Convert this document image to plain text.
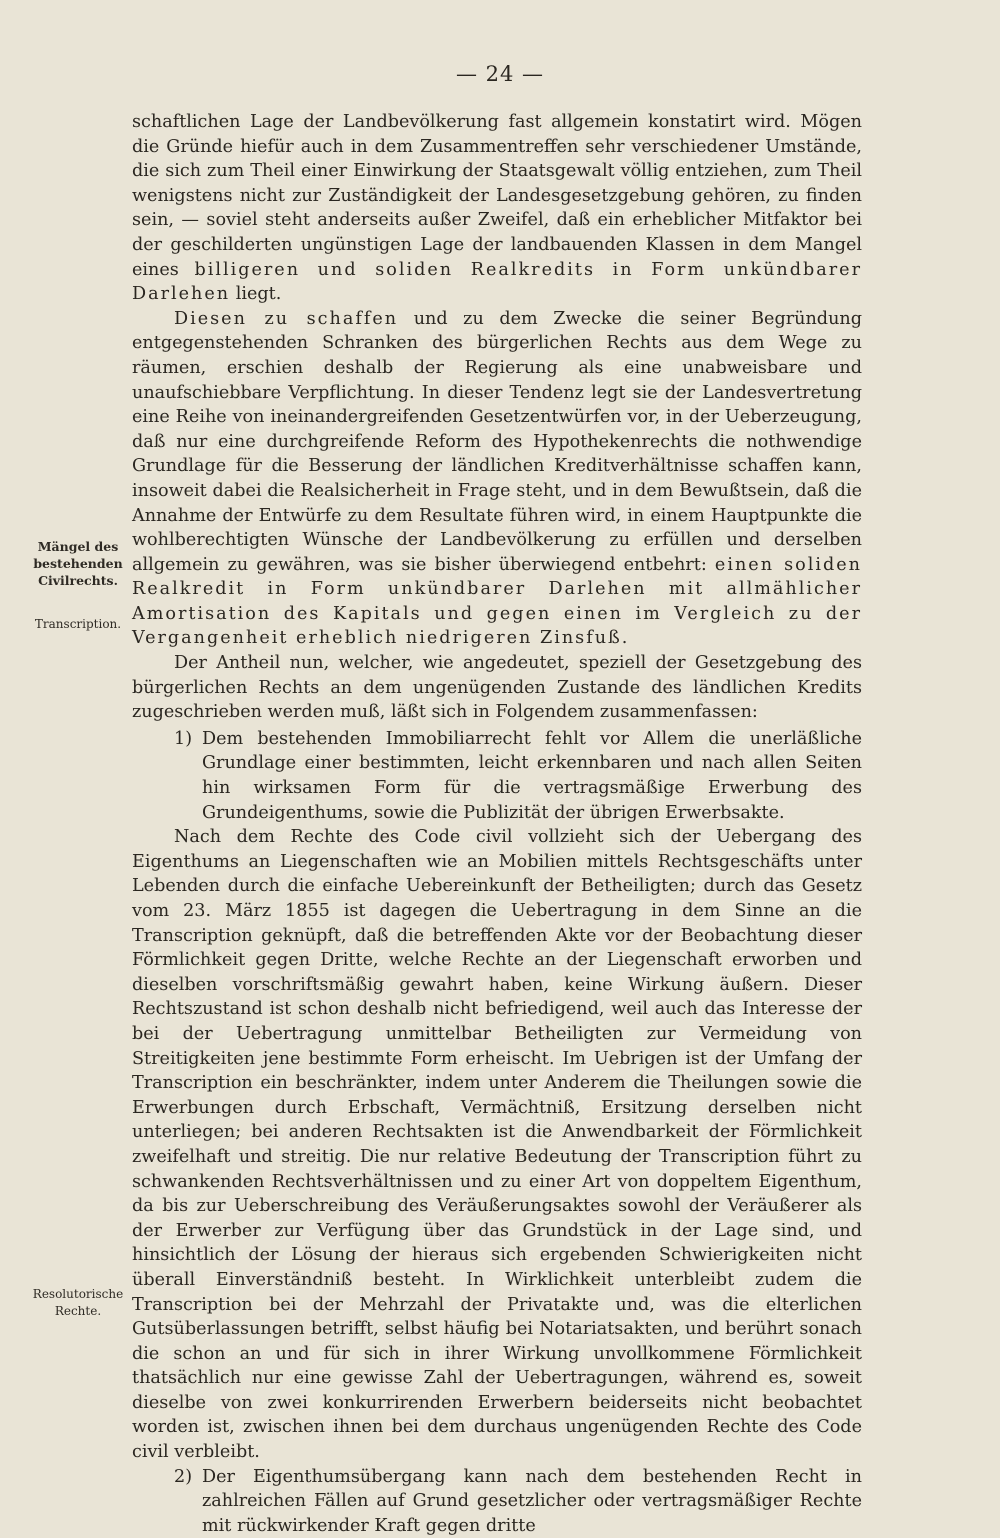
— 24 —
Mängel des bestehenden Civilrechts.
Transcription.
Resolutorische Rechte.

schaftlichen Lage der Landbevölkerung fast allgemein konstatirt wird. Mögen die Gründe hiefür auch in dem Zusammentreffen sehr verschiedener Umstände, die sich zum Theil einer Einwirkung der Staatsgewalt völlig entziehen, zum Theil wenigstens nicht zur Zuständigkeit der Landesgesetzgebung gehören, zu finden sein, — soviel steht anderseits außer Zweifel, daß ein erheblicher Mitfaktor bei der geschilderten ungünstigen Lage der landbauenden Klassen in dem Mangel eines billigeren und soliden Realkredits in Form unkündbarer Darlehen liegt.

Diesen zu schaffen und zu dem Zwecke die seiner Begründung entgegenstehenden Schranken des bürgerlichen Rechts aus dem Wege zu räumen, erschien deshalb der Regierung als eine unabweisbare und unaufschiebbare Verpflichtung. In dieser Tendenz legt sie der Landesvertretung eine Reihe von ineinandergreifenden Gesetzentwürfen vor, in der Ueberzeugung, daß nur eine durchgreifende Reform des Hypothekenrechts die nothwendige Grundlage für die Besserung der ländlichen Kreditverhältnisse schaffen kann, insoweit dabei die Realsicherheit in Frage steht, und in dem Bewußtsein, daß die Annahme der Entwürfe zu dem Resultate führen wird, in einem Hauptpunkte die wohlberechtigten Wünsche der Landbevölkerung zu erfüllen und derselben allgemein zu gewähren, was sie bisher überwiegend entbehrt: einen soliden Realkredit in Form unkündbarer Darlehen mit allmählicher Amortisation des Kapitals und gegen einen im Vergleich zu der Vergangenheit erheblich niedrigeren Zinsfuß.

Der Antheil nun, welcher, wie angedeutet, speziell der Gesetzgebung des bürgerlichen Rechts an dem ungenügenden Zustande des ländlichen Kredits zugeschrieben werden muß, läßt sich in Folgendem zusammenfassen:

1) Dem bestehenden Immobiliarrecht fehlt vor Allem die unerläßliche Grundlage einer bestimmten, leicht erkennbaren und nach allen Seiten hin wirksamen Form für die vertragsmäßige Erwerbung des Grundeigenthums, sowie die Publizität der übrigen Erwerbsakte.

Nach dem Rechte des Code civil vollzieht sich der Uebergang des Eigenthums an Liegenschaften wie an Mobilien mittels Rechtsgeschäfts unter Lebenden durch die einfache Uebereinkunft der Betheiligten; durch das Gesetz vom 23. März 1855 ist dagegen die Uebertragung in dem Sinne an die Transcription geknüpft, daß die betreffenden Akte vor der Beobachtung dieser Förmlichkeit gegen Dritte, welche Rechte an der Liegenschaft erworben und dieselben vorschriftsmäßig gewahrt haben, keine Wirkung äußern. Dieser Rechtszustand ist schon deshalb nicht befriedigend, weil auch das Interesse der bei der Uebertragung unmittelbar Betheiligten zur Vermeidung von Streitigkeiten jene bestimmte Form erheischt. Im Uebrigen ist der Umfang der Transcription ein beschränkter, indem unter Anderem die Theilungen sowie die Erwerbungen durch Erbschaft, Vermächtniß, Ersitzung derselben nicht unterliegen; bei anderen Rechtsakten ist die Anwendbarkeit der Förmlichkeit zweifelhaft und streitig. Die nur relative Bedeutung der Transcription führt zu schwankenden Rechtsverhältnissen und zu einer Art von doppeltem Eigenthum, da bis zur Ueberschreibung des Veräußerungsaktes sowohl der Veräußerer als der Erwerber zur Verfügung über das Grundstück in der Lage sind, und hinsichtlich der Lösung der hieraus sich ergebenden Schwierigkeiten nicht überall Einverständniß besteht. In Wirklichkeit unterbleibt zudem die Transcription bei der Mehrzahl der Privatakte und, was die elterlichen Gutsüberlassungen betrifft, selbst häufig bei Notariatsakten, und berührt sonach die schon an und für sich in ihrer Wirkung unvollkommene Förmlichkeit thatsächlich nur eine gewisse Zahl der Uebertragungen, während es, soweit dieselbe von zwei konkurrirenden Erwerbern beiderseits nicht beobachtet worden ist, zwischen ihnen bei dem durchaus ungenügenden Rechte des Code civil verbleibt.

2) Der Eigenthumsübergang kann nach dem bestehenden Recht in zahlreichen Fällen auf Grund gesetzlicher oder vertragsmäßiger Rechte mit rückwirkender Kraft gegen dritte
